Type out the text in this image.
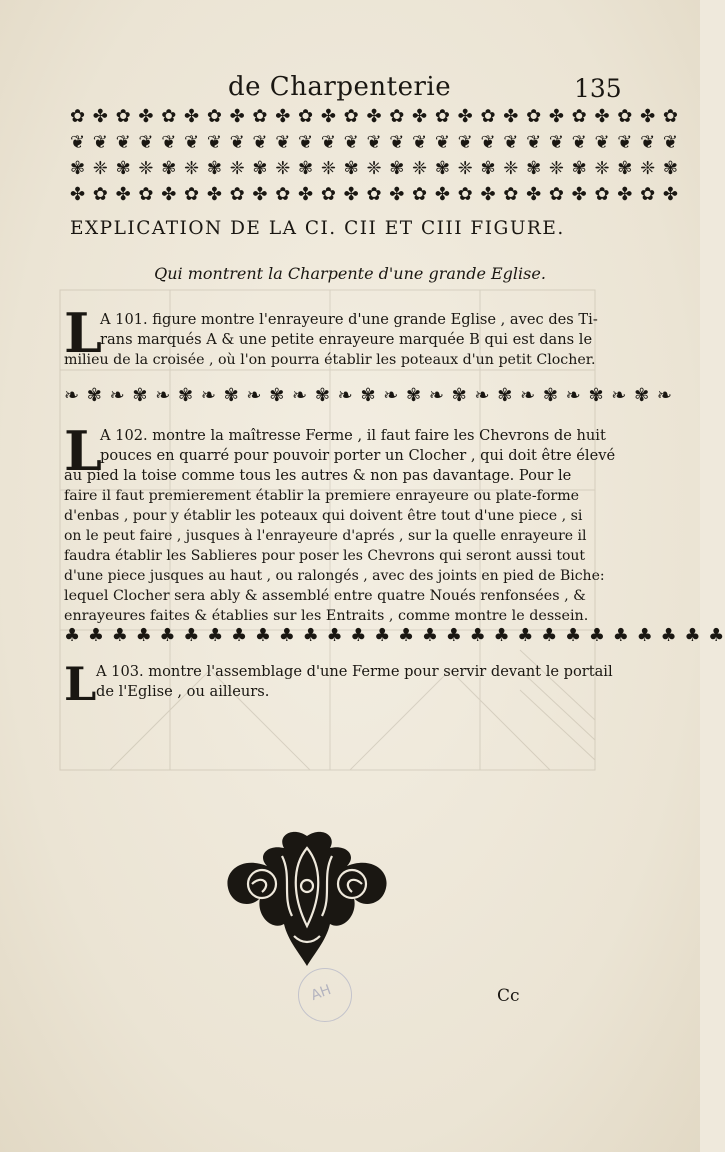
de Charpenterie	135
✿ ✤ ✿ ✤ ✿ ✤ ✿ ✤ ✿ ✤ ✿ ✤ ✿ ✤ ✿ ✤ ✿ ✤ ✿ ✤ ✿ ✤ ✿ ✤ ✿ ✤ ✿
❦ ❦ ❦ ❦ ❦ ❦ ❦ ❦ ❦ ❦ ❦ ❦ ❦ ❦ ❦ ❦ ❦ ❦ ❦ ❦ ❦ ❦ ❦ ❦ ❦ ❦ ❦
✾ ❈ ✾ ❈ ✾ ❈ ✾ ❈ ✾ ❈ ✾ ❈ ✾ ❈ ✾ ❈ ✾ ❈ ✾ ❈ ✾ ❈ ✾ ❈ ✾ ❈ ✾
✤ ✿ ✤ ✿ ✤ ✿ ✤ ✿ ✤ ✿ ✤ ✿ ✤ ✿ ✤ ✿ ✤ ✿ ✤ ✿ ✤ ✿ ✤ ✿ ✤ ✿ ✤
EXPLICATION DE LA CI. CII ET CIII FIGURE.
Qui montrent la Charpente d'une grande Eglise.
L
A 101. figure montre l'enrayeure d'une grande Eglise , avec des Ti-
rans marqués A & une petite enrayeure marquée B qui est dans le
milieu de la croisée , où l'on pourra établir les poteaux d'un petit Clocher.
❧ ✾ ❧ ✾ ❧ ✾ ❧ ✾ ❧ ✾ ❧ ✾ ❧ ✾ ❧ ✾ ❧ ✾ ❧ ✾ ❧ ✾ ❧ ✾ ❧ ✾ ❧
L
A 102. montre la maîtresse Ferme , il faut faire les Chevrons de huit
pouces en quarré pour pouvoir porter un Clocher , qui doit être élevé
au pied la toise comme tous les autres & non pas davantage. Pour le
faire il faut premierement établir la premiere enrayeure ou plate-forme
d'enbas , pour y établir les poteaux qui doivent être tout d'une piece , si
on le peut faire , jusques à l'enrayeure d'aprés , sur la quelle enrayeure il
faudra établir les Sablieres pour poser les Chevrons qui seront aussi tout
d'une piece jusques au haut , ou ralongés , avec des joints en pied de Biche:
lequel Clocher sera ably & assemblé entre quatre Noués renfonsées , &
enrayeures faites & établies sur les Entraits , comme montre le dessein.
♣ ♣ ♣ ♣ ♣ ♣ ♣ ♣ ♣ ♣ ♣ ♣ ♣ ♣ ♣ ♣ ♣ ♣ ♣ ♣ ♣ ♣ ♣ ♣ ♣ ♣ ♣ ♣
L A 103. montre l'assemblage d'une Ferme pour servir devant le portail
de l'Eglise , ou ailleurs.
AH	Cc
